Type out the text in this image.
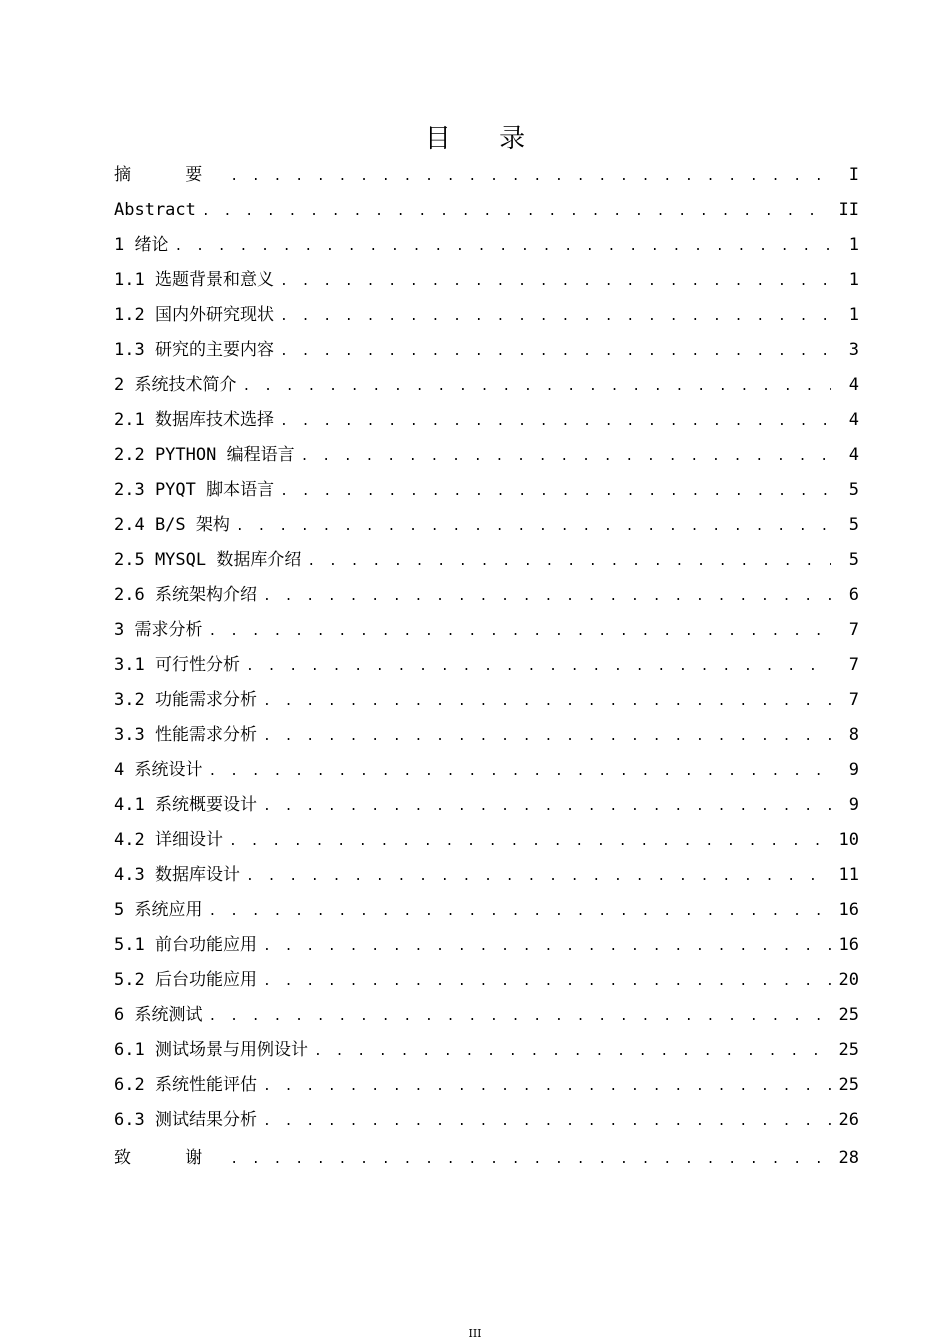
目 录
摘 要 . . .	I
Abstract . . .	II
1 绪论 . . .	1
1.1 选题背景和意义 . . .	1
1.2 国内外研究现状 . . .	1
1.3 研究的主要内容 . . .	3
2 系统技术简介 . . .	4
2.1 数据库技术选择 . . .	4
2.2 PYTHON 编程语言 . . .	4
2.3 PYQT 脚本语言 . . .	5
2.4 B/S 架构 . . .	5
2.5 MYSQL 数据库介绍 . . .	5
2.6 系统架构介绍 . . .	6
3 需求分析 . . .	7
3.1 可行性分析 . . .	7
3.2 功能需求分析 . . .	7
3.3 性能需求分析 . . .	8
4 系统设计 . . .	9
4.1 系统概要设计 . . .	9
4.2 详细设计 . . .	10
4.3 数据库设计 . . .	11
5 系统应用 . . .	16
5.1 前台功能应用 . . .	16
5.2 后台功能应用 . . .	20
6 系统测试 . . .	25
6.1 测试场景与用例设计 . . .	25
6.2 系统性能评估 . . .	25
6.3 测试结果分析 . . .	26
致 谢 . . .	28
III
